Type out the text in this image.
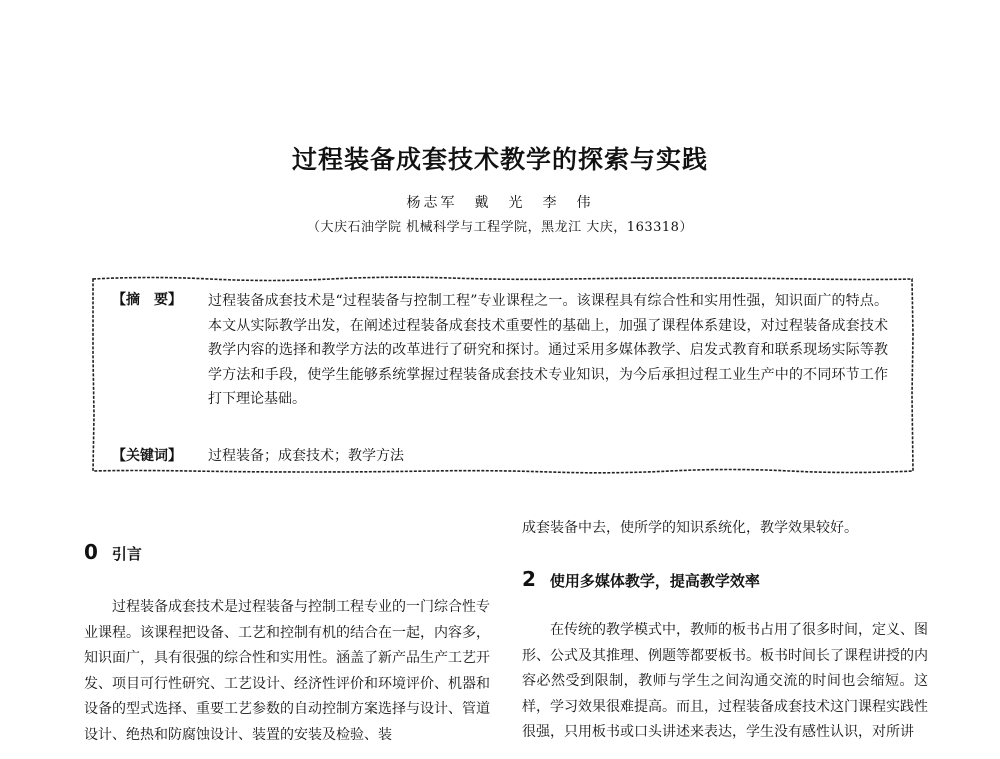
过程装备成套技术教学的探索与实践
杨志军　戴　光　李　伟
（大庆石油学院 机械科学与工程学院，黑龙江 大庆，163318）
【摘　要】 过程装备成套技术是“过程装备与控制工程”专业课程之一。该课程具有综合性和实用性强，知识面广的特点。本文从实际教学出发，在阐述过程装备成套技术重要性的基础上，加强了课程体系建设，对过程装备成套技术教学内容的选择和教学方法的改革进行了研究和探讨。通过采用多媒体教学、启发式教育和联系现场实际等教学方法和手段，使学生能够系统掌握过程装备成套技术专业知识，为今后承担过程工业生产中的不同环节工作打下理论基础。

【关键词】 过程装备；成套技术；教学方法
0 引言

过程装备成套技术是过程装备与控制工程专业的一门综合性专业课程。该课程把设备、工艺和控制有机的结合在一起，内容多，知识面广，具有很强的综合性和实用性。涵盖了新产品生产工艺开发、项目可行性研究、工艺设计、经济性评价和环境评价、机器和设备的型式选择、重要工艺参数的自动控制方案选择与设计、管道设计、绝热和防腐蚀设计、装置的安装及检验、装

成套装备中去，使所学的知识系统化，教学效果较好。

2 使用多媒体教学，提高教学效率

在传统的教学模式中，教师的板书占用了很多时间，定义、图形、公式及其推理、例题等都要板书。板书时间长了课程讲授的内容必然受到限制，教师与学生之间沟通交流的时间也会缩短。这样，学习效果很难提高。而且，过程装备成套技术这门课程实践性很强，只用板书或口头讲述来表达，学生没有感性认识，对所讲
